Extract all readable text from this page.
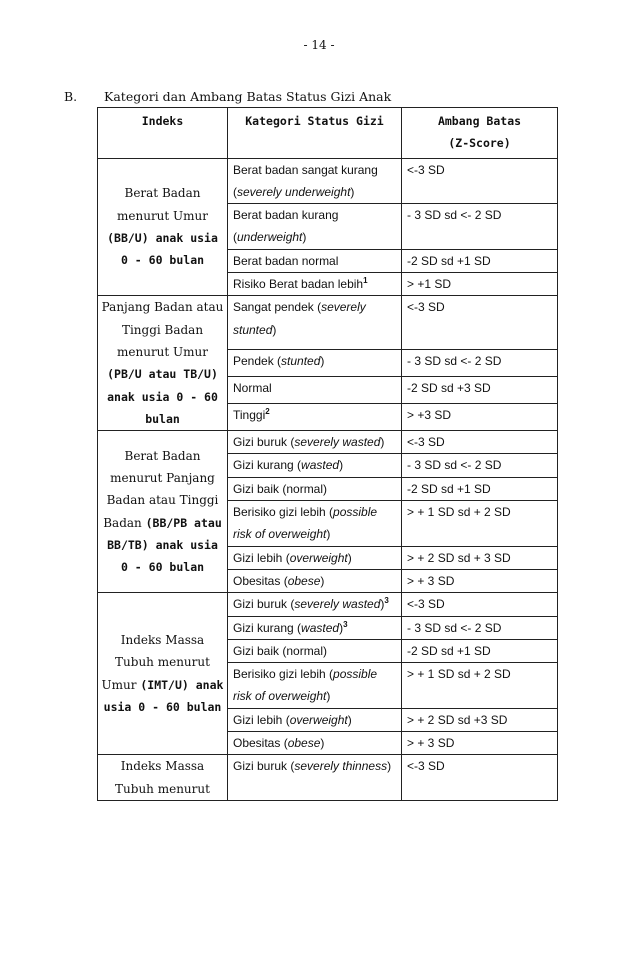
- 14 -
B. Kategori dan Ambang Batas Status Gizi Anak
Indeks	Kategori Status Gizi	Ambang Batas
(Z-Score)
Berat Badan menurut Umur (BB/U) anak usia 0 - 60 bulan	Berat badan sangat kurang (severely underweight)	<-3 SD
	Berat badan kurang (underweight)	- 3 SD sd <- 2 SD
	Berat badan normal	-2 SD sd +1 SD
	Risiko Berat badan lebih$^1$	> +1 SD
Panjang Badan atau Tinggi Badan menurut Umur (PB/U atau TB/U) anak usia 0 - 60 bulan	Sangat pendek (severely stunted)	<-3 SD
	Pendek (stunted)	- 3 SD sd <- 2 SD
	Normal	-2 SD sd +3 SD
	Tinggi$^2$	> +3 SD
Berat Badan menurut Panjang Badan atau Tinggi Badan (BB/PB atau BB/TB) anak usia 0 - 60 bulan	Gizi buruk (severely wasted)	<-3 SD
	Gizi kurang (wasted)	- 3 SD sd <- 2 SD
	Gizi baik (normal)	-2 SD sd +1 SD
	Berisiko gizi lebih (possible risk of overweight)	> + 1 SD sd + 2 SD
	Gizi lebih (overweight)	> + 2 SD sd + 3 SD
	Obesitas (obese)	> + 3 SD
Indeks Massa Tubuh menurut Umur (IMT/U) anak usia 0 - 60 bulan	Gizi buruk (severely wasted)$^3$	<-3 SD
	Gizi kurang (wasted)$^3$	- 3 SD sd <- 2 SD
	Gizi baik (normal)	-2 SD sd +1 SD
	Berisiko gizi lebih (possible risk of overweight)	> + 1 SD sd + 2 SD
	Gizi lebih (overweight)	> + 2 SD sd +3 SD
	Obesitas (obese)	> + 3 SD
Indeks Massa Tubuh menurut	Gizi buruk (severely thinness)	<-3 SD
